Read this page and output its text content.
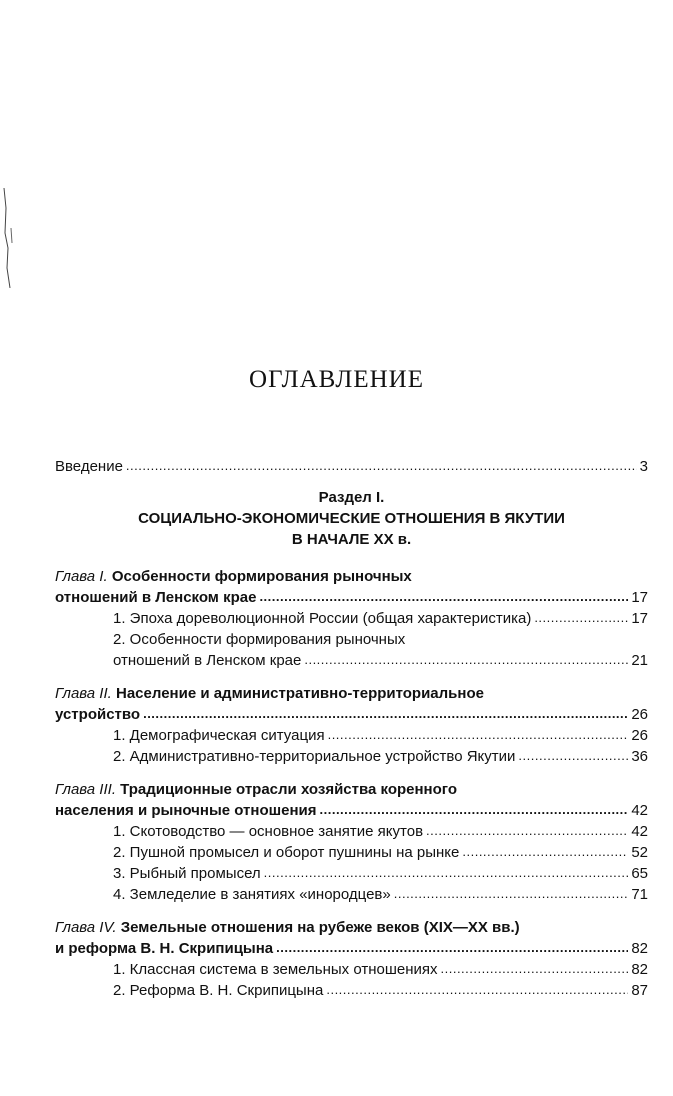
ОГЛАВЛЕНИЕ
Введение .....	3
Раздел I.
СОЦИАЛЬНО-ЭКОНОМИЧЕСКИЕ ОТНОШЕНИЯ В ЯКУТИИ
В НАЧАЛЕ XX в.
Глава I. Особенности формирования рыночных
отношений в Ленском крае .....	17
1. Эпоха дореволюционной России (общая характеристика) .....	17
2. Особенности формирования рыночных
отношений в Ленском крае .....	21
Глава II. Население и административно-территориальное
устройство .....	26
1. Демографическая ситуация .....	26
2. Административно-территориальное устройство Якутии .....	36
Глава III. Традиционные отрасли хозяйства коренного
населения и рыночные отношения .....	42
1. Скотоводство — основное занятие якутов .....	42
2. Пушной промысел и оборот пушнины на рынке .....	52
3. Рыбный промысел .....	65
4. Земледелие в занятиях «инородцев» .....	71
Глава IV. Земельные отношения на рубеже веков (XIX—XX вв.)
и реформа В. Н. Скрипицына .....	82
1. Классная система в земельных отношениях .....	82
2. Реформа В. Н. Скрипицына .....	87
